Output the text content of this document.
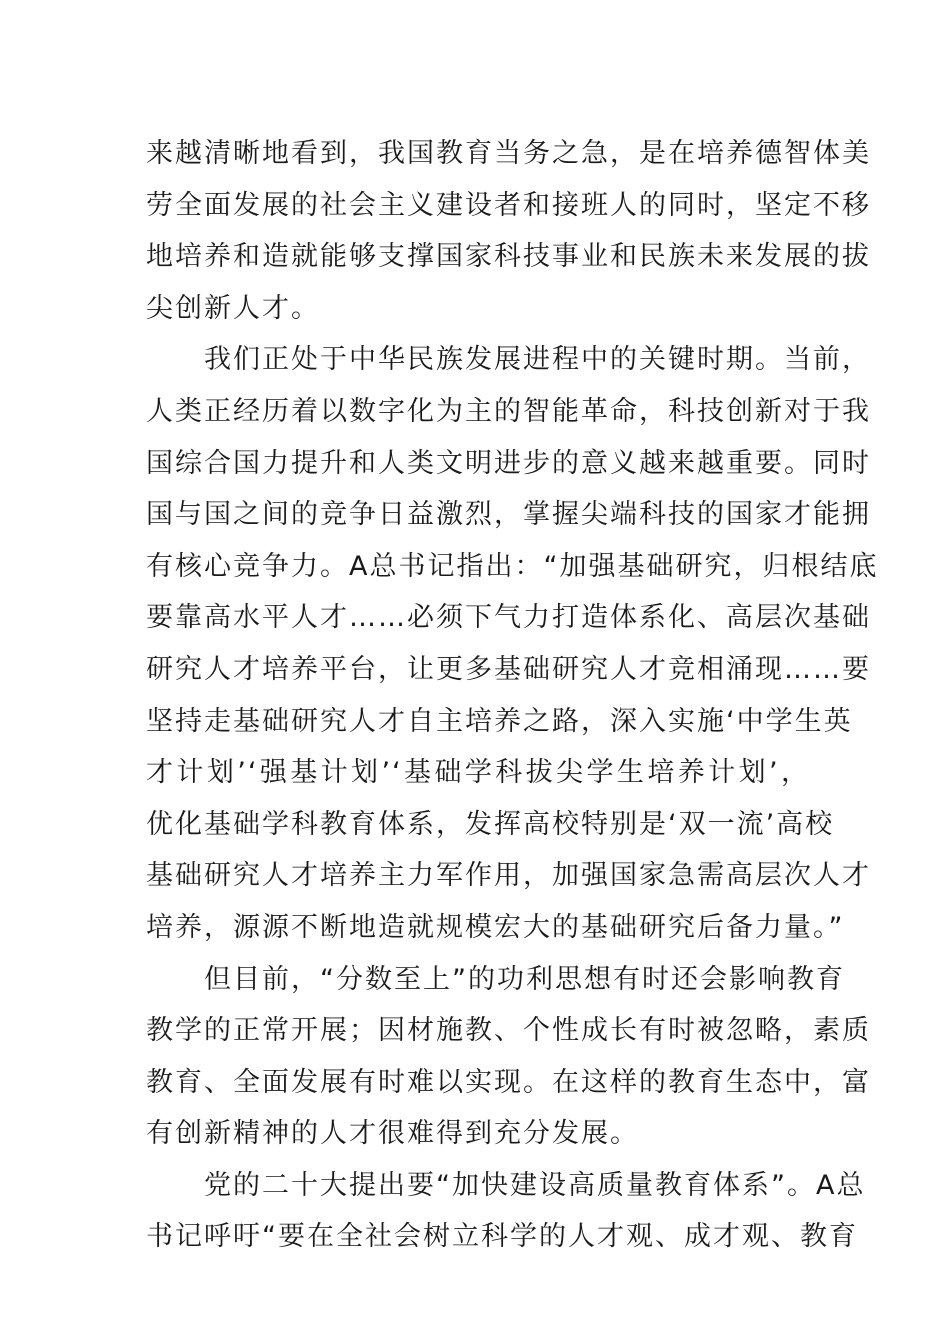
来越清晰地看到，我国教育当务之急，是在培养德智体美
劳全面发展的社会主义建设者和接班人的同时，坚定不移
地培养和造就能够支撑国家科技事业和民族未来发展的拔
尖创新人才。
我们正处于中华民族发展进程中的关键时期。当前，
人类正经历着以数字化为主的智能革命，科技创新对于我
国综合国力提升和人类文明进步的意义越来越重要。同时
国与国之间的竞争日益激烈，掌握尖端科技的国家才能拥
有核心竞争力。A总书记指出：“加强基础研究，归根结底
要靠高水平人才……必须下气力打造体系化、高层次基础
研究人才培养平台，让更多基础研究人才竞相涌现……要
坚持走基础研究人才自主培养之路，深入实施‘中学生英
才计划’‘强基计划’‘基础学科拔尖学生培养计划’，
优化基础学科教育体系，发挥高校特别是‘双一流’高校
基础研究人才培养主力军作用，加强国家急需高层次人才
培养，源源不断地造就规模宏大的基础研究后备力量。”
但目前，“分数至上”的功利思想有时还会影响教育
教学的正常开展；因材施教、个性成长有时被忽略，素质
教育、全面发展有时难以实现。在这样的教育生态中，富
有创新精神的人才很难得到充分发展。
党的二十大提出要“加快建设高质量教育体系”。A总
书记呼吁“要在全社会树立科学的人才观、成才观、教育
